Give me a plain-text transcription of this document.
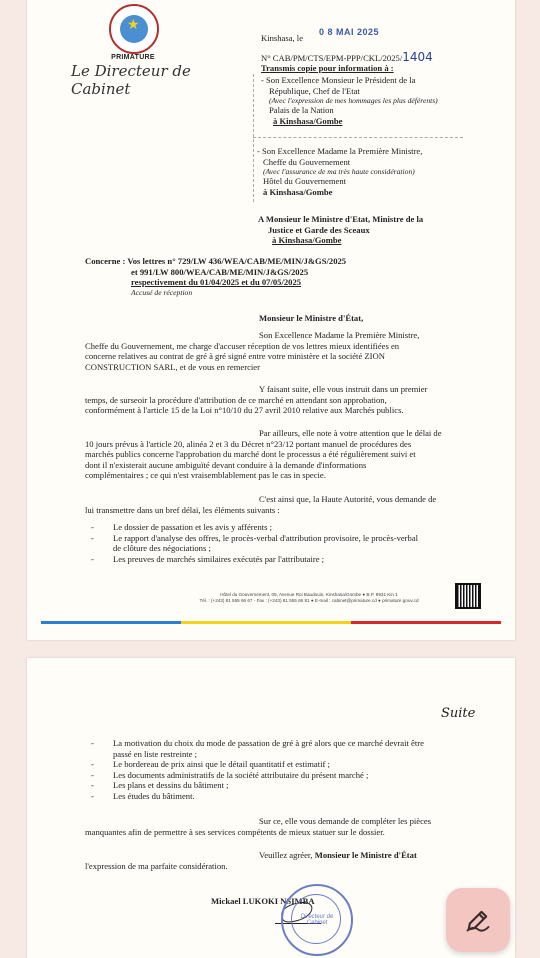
★
PRIMATURE
Le Directeur de Cabinet
Kinshasa, le
0 8 MAI 2025
N° CAB/PM/CTS/EPM-PPP/CKL/2025/1404
Transmis copie pour information à :
- Son Excellence Monsieur le Président de la
République, Chef de l'Etat
(Avec l'expression de mes hommages les plus déférents)
Palais de la Nation
à Kinshasa/Gombe
- Son Excellence Madame la Première Ministre,
Cheffe du Gouvernement
(Avec l'assurance de ma très haute considération)
Hôtel du Gouvernement
à Kinshasa/Gombe
A Monsieur le Ministre d'Etat, Ministre de la
Justice et Garde des Sceaux
à Kinshasa/Gombe
Concerne : Vos lettres n° 729/LW 436/WEA/CAB/ME/MIN/J&GS/2025
et 991/LW 800/WEA/CAB/ME/MIN/J&GS/2025
respectivement du 01/04/2025 et du 07/05/2025
Accusé de réception
Monsieur le Ministre d'État,
Son Excellence Madame la Première Ministre,
Cheffe du Gouvernement, me charge d'accuser réception de vos lettres mieux identifiées en
concerne relatives au contrat de gré à gré signé entre votre ministère et la société ZION
CONSTRUCTION SARL, et de vous en remercier
Y faisant suite, elle vous instruit dans un premier
temps, de surseoir la procédure d'attribution de ce marché en attendant son approbation,
conformément à l'article 15 de la Loi n°10/10 du 27 avril 2010 relative aux Marchés publics.
Par ailleurs, elle note à votre attention que le délai de
10 jours prévus à l'article 20, alinéa 2 et 3 du Décret n°23/12 portant manuel de procédures des
marchés publics concerne l'approbation du marché dont le processus a été régulièrement suivi et
dont il n'existerait aucune ambiguïté devant conduire à la demande d'informations
complémentaires ; ce qui n'est vraisemblablement pas le cas in specie.
C'est ainsi que, la Haute Autorité, vous demande de
lui transmettre dans un bref délai, les éléments suivants :
- Le dossier de passation et les avis y afférents ;
- Le rapport d'analyse des offres, le procès-verbal d'attribution provisoire, le procès-verbal
de clôture des négociations ;
- Les preuves de marchés similaires exécutés par l'attributaire ;
Hôtel du Gouvernement, 05, Avenue Roi Baudouin, Kinshasa/Gombe ● B.P. 8931 Kin 1
Tél. : (+243) 81 555 66 67 - Fax : (+243) 81 555 66 81 ● E-mail : cabinet@primature.cd ● primature.gouv.cd
Suite
- La motivation du choix du mode de passation de gré à gré alors que ce marché devrait être
passé en liste restreinte ;
- Le bordereau de prix ainsi que le détail quantitatif et estimatif ;
- Les documents administratifs de la société attributaire du présent marché ;
- Les plans et dessins du bâtiment ;
- Les études du bâtiment.
Sur ce, elle vous demande de compléter les pièces
manquantes afin de permettre à ses services compétents de mieux statuer sur le dossier.
Veuillez agréer, Monsieur le Ministre d'État
l'expression de ma parfaite considération.
Mickael LUKOKI NSIMBA
Directeur de Cabinet
